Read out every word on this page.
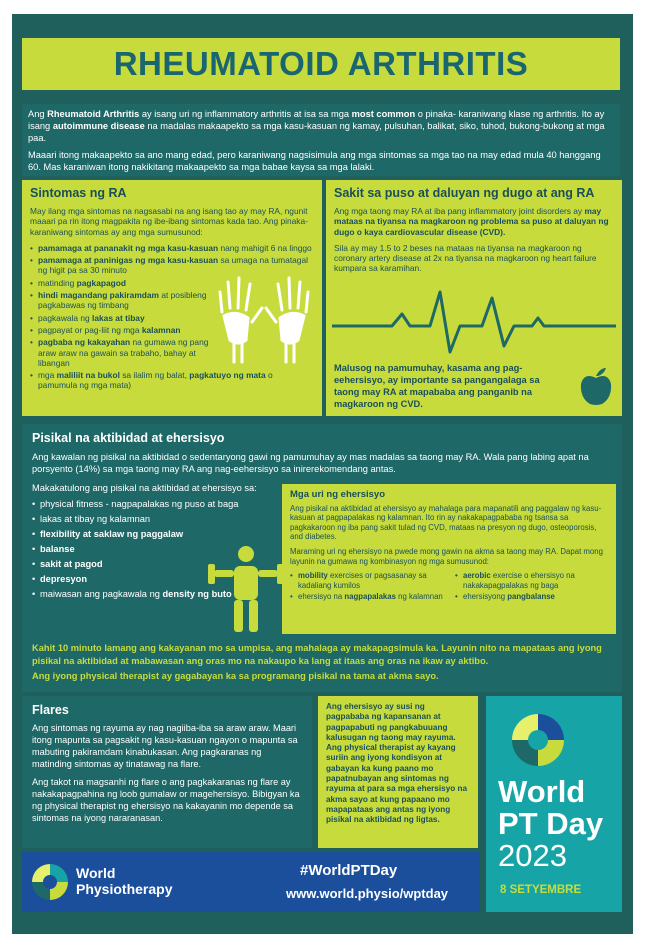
RHEUMATOID ARTHRITIS

Ang Rheumatoid Arthritis ay isang uri ng inflammatory arthritis at isa sa mga most common o pinaka- karaniwang klase ng arthritis. Ito ay isang autoimmune disease na madalas makaapekto sa mga kasu-kasuan ng kamay, pulsuhan, balikat, siko, tuhod, bukong-bukong at mga paa.

Maaari itong makaapekto sa ano mang edad, pero karaniwang nagsisimula ang mga sintomas sa mga tao na may edad mula 40 hanggang 60. Mas karaniwan itong nakikitang makaapekto sa mga babae kaysa sa mga lalaki.

Sintomas ng RA
May ilang mga sintomas na nagsasabi na ang isang tao ay may RA, ngunit maaari pa rin itong magpakita ng ibe-ibang sintomas kada tao. Ang pinaka-karaniwang sintomas ay ang mga sumusunod:
• pamamaga at pananakit ng mga kasu-kasuan nang mahigit 6 na linggo
• pamamaga at paninigas ng mga kasu-kasuan sa umaga na tumatagal ng higit pa sa 30 minuto
• matinding pagkapagod
• hindi magandang pakiramdam at posibleng pagkabawas ng timbang
• pagkawala ng lakas at tibay
• pagpayat or pag-liit ng mga kalamnan
• pagbaba ng kakayahan na gumawa ng pang araw araw na gawain sa trabaho, bahay at libangan
• mga maliliit na bukol sa ilalim ng balat, pagkatuyo ng mata o pamumula ng mga mata)
Sakit sa puso at daluyan ng dugo at ang RA
Ang mga taong may RA at iba pang inflammatory joint disorders ay may mataas na tiyansa na magkaroon ng problema sa puso at daluyan ng dugo o kaya cardiovascular disease (CVD).
Sila ay may 1.5 to 2 beses na mataas na tiyansa na magkaroon ng coronary artery disease at 2x na tiyansa na magkaroon ng heart failure kumpara sa karamihan.
Malusog na pamumuhay, kasama ang pag-eehersisyo, ay importante sa pangangalaga sa taong may RA at mapababa ang panganib na magkaroon ng CVD.
Pisikal na aktibidad at ehersisyo
Ang kawalan ng pisikal na aktibidad o sedentaryong gawi ng pamumuhay ay mas madalas sa taong may RA. Wala pang labing apat na porsyento (14%) sa mga taong may RA ang nag-eehersisyo sa inirerekomendang antas.
Makakatulong ang pisikal na aktibidad at ehersisyo sa:
• physical fitness - nagpapalakas ng puso at baga
• lakas at tibay ng kalamnan
• flexibility at saklaw ng paggalaw
• balanse
• sakit at pagod
• depresyon
• maiwasan ang pagkawala ng density ng buto
Kahit 10 minuto lamang ang kakayanan mo sa umpisa, ang mahalaga ay makapagsimula ka. Layunin nito na mapataas ang iyong pisikal na aktibidad at mabawasan ang oras mo na nakaupo ka lang at itaas ang oras na ikaw ay aktibo.
Ang iyong physical therapist ay gagabayan ka sa programang pisikal na tama at akma sayo.
Mga uri ng ehersisyo
Ang pisikal na aktibidad at ehersisyo ay mahalaga para mapanatili ang paggalaw ng kasu-kasuan at pagpapalakas ng kalamnan. Ito rin ay nakakapagpababa ng tsansa sa pagkakaroon ng iba pang sakit tulad ng CVD, mataas na presyon ng dugo, osteoporosis, and diabetes.
Maraming uri ng ehersisyo na pwede mong gawin na akma sa taong may RA. Dapat mong layunin na gumawa ng kombinasyon ng mga sumusunod:
• mobility exercises or pagsasanay sa kadaliang kumilos
• ehersisyo na nagpapalakas ng kalamnan
• aerobic exercise o ehersisyo na nakakapagpalakas ng baga
• ehersisyong pangbalanse
Flares
Ang sintomas ng rayuma ay nag nagiiba-iba sa araw araw. Maari itong mapunta sa pagsakit ng kasu-kasuan ngayon o mapunta sa mabuting pakiramdam kinabukasan. Ang pagkaranas ng matinding sintomas ay tinatawag na flare.
Ang takot na magsanhi ng flare o ang pagkakaranas ng flare ay nakakapagpahina ng loob gumalaw or magehersisyo. Bibigyan ka ng physical therapist ng ehersisyo na kakayanin mo depende sa sintomas na iyong nararanasan.
Ang ehersisyo ay susi ng pagpababa ng kapansanan at pagpapabuti ng pangkabuuang kalusugan ng taong may rayuma. Ang physical therapist ay kayang suriin ang iyong kondisyon at gabayan ka kung paano mo papatnubayan ang sintomas ng rayuma at para sa mga ehersisyo na akma sayo at kung papaano mo mapapataas ang antas ng iyong pisikal na aktibidad ng ligtas.
World
PT Day
2023
8 SETYEMBRE
World
Physiotherapy
#WorldPTDay
www.world.physio/wptday
